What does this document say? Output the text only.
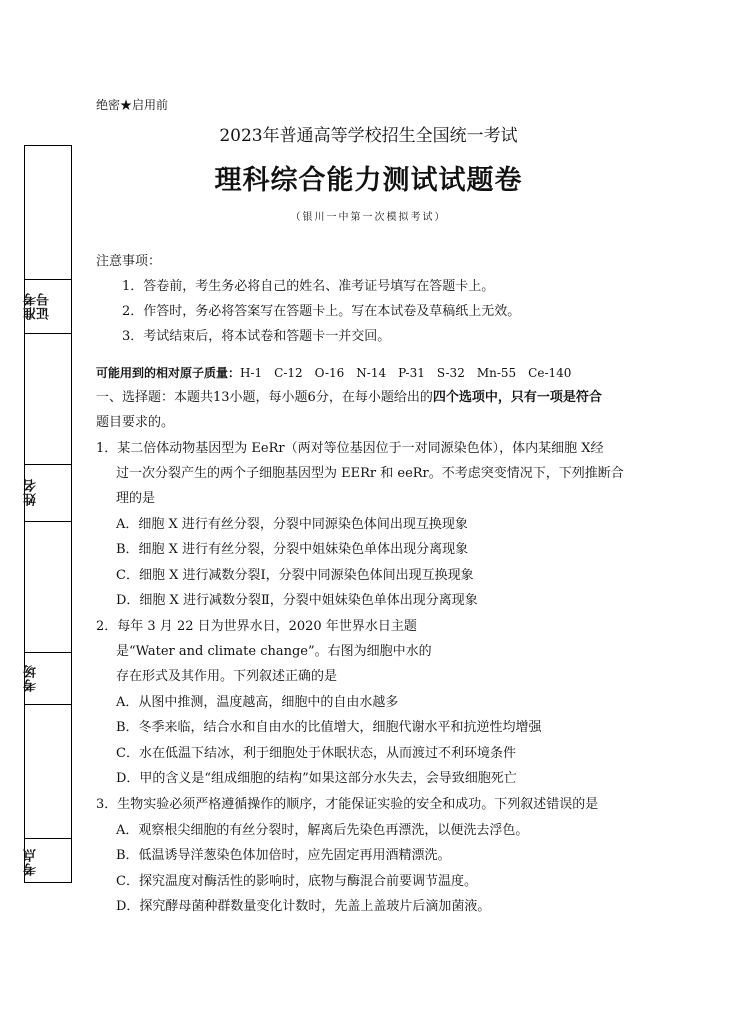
准考证号
姓名
考场
考点
绝密★启用前
2023年普通高等学校招生全国统一考试
理科综合能力测试试题卷
（银川一中第一次模拟考试）
注意事项：
1．答卷前，考生务必将自己的姓名、准考证号填写在答题卡上。
2．作答时，务必将答案写在答题卡上。写在本试卷及草稿纸上无效。
3．考试结束后，将本试卷和答题卡一并交回。
可能用到的相对原子质量：H-1　C-12　O-16　N-14　P-31　S-32　Mn-55　Ce-140
一、选择题：本题共13小题，每小题6分，在每小题给出的四个选项中，只有一项是符合
题目要求的。
1．某二倍体动物基因型为 EeRr（两对等位基因位于一对同源染色体），体内某细胞 X经
过一次分裂产生的两个子细胞基因型为 EERr 和 eeRr。不考虑突变情况下，下列推断合
理的是
A．细胞 X 进行有丝分裂，分裂中同源染色体间出现互换现象
B．细胞 X 进行有丝分裂，分裂中姐妹染色单体出现分离现象
C．细胞 X 进行减数分裂Ⅰ，分裂中同源染色体间出现互换现象
D．细胞 X 进行减数分裂Ⅱ，分裂中姐妹染色单体出现分离现象
2．每年 3 月 22 日为世界水日，2020 年世界水日主题
是“Water and climate change”。右图为细胞中水的
存在形式及其作用。下列叙述正确的是
A．从图中推测，温度越高，细胞中的自由水越多
B．冬季来临，结合水和自由水的比值增大，细胞代谢水平和抗逆性均增强
C．水在低温下结冰，利于细胞处于休眠状态，从而渡过不利环境条件
D．甲的含义是“组成细胞的结构”如果这部分水失去，会导致细胞死亡
3．生物实验必须严格遵循操作的顺序，才能保证实验的安全和成功。下列叙述错误的是
A．观察根尖细胞的有丝分裂时，解离后先染色再漂洗，以便洗去浮色。
B．低温诱导洋葱染色体加倍时，应先固定再用酒精漂洗。
C．探究温度对酶活性的影响时，底物与酶混合前要调节温度。
D．探究酵母菌种群数量变化计数时，先盖上盖玻片后滴加菌液。
